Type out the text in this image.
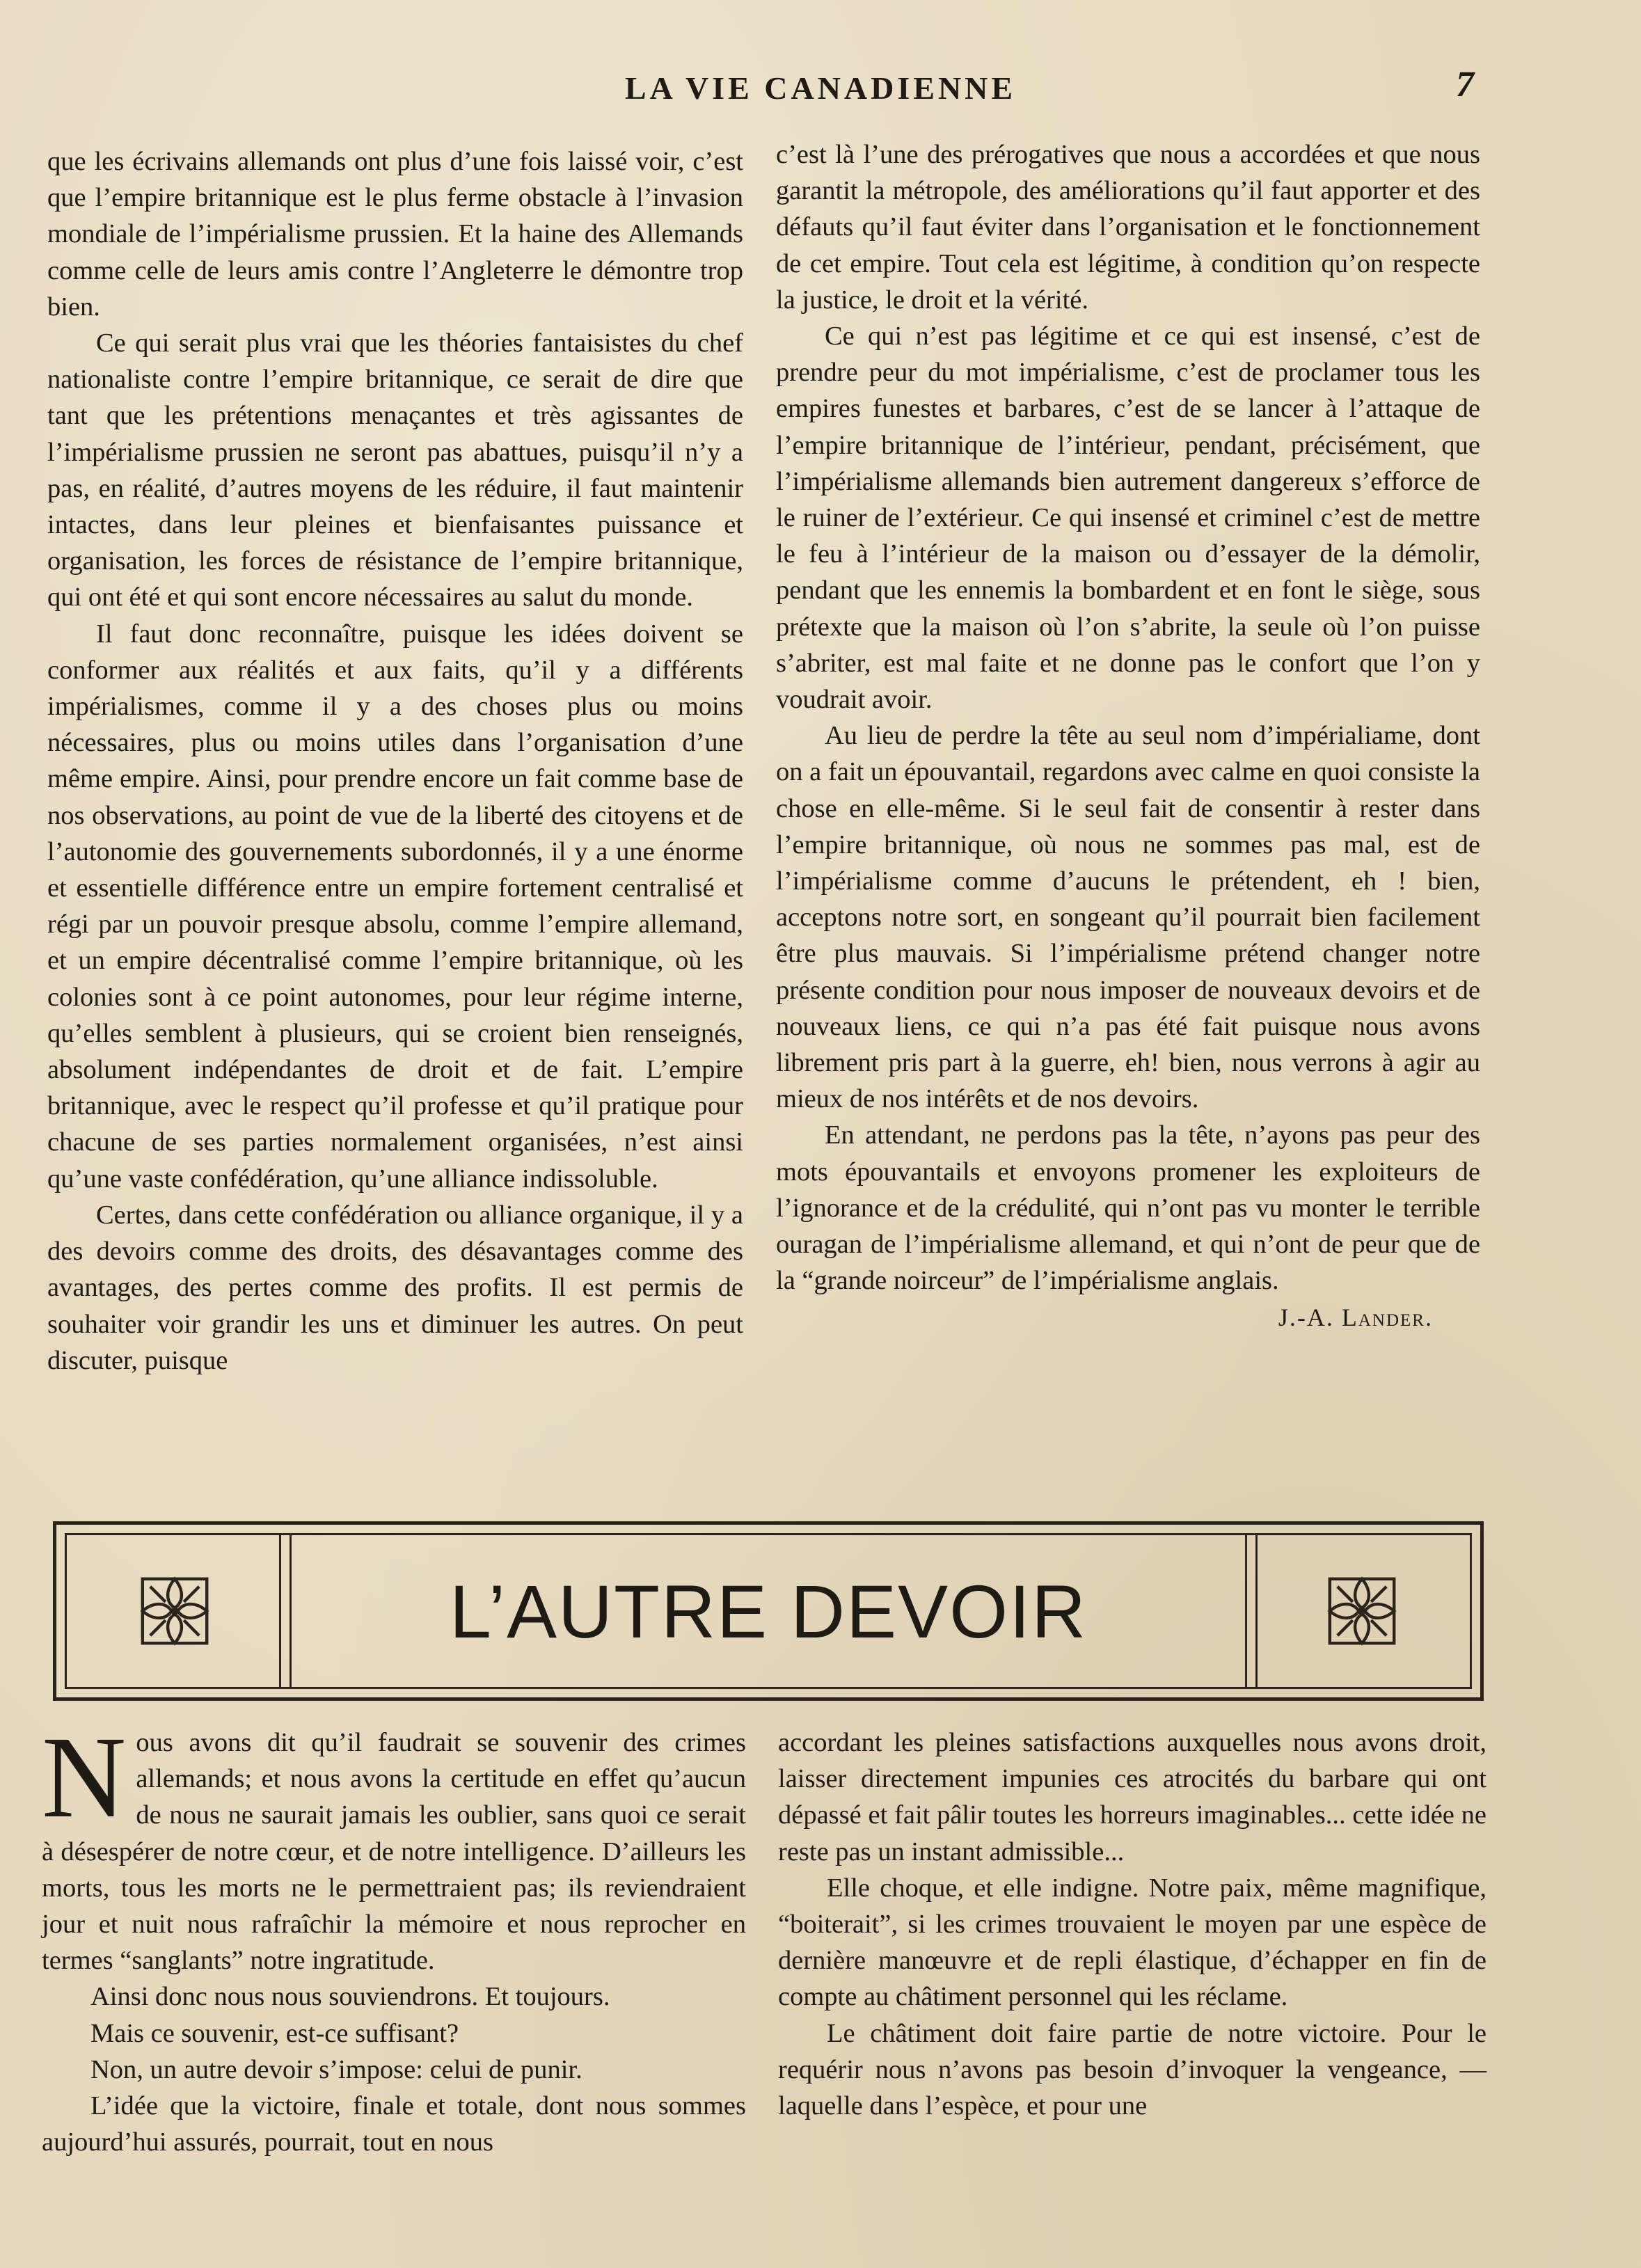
LA VIE CANADIENNE	7

que les écrivains allemands ont plus d’une fois laissé voir, c’est que l’empire britannique est le plus ferme obstacle à l’invasion mondiale de l’impérialisme prussien. Et la haine des Allemands comme celle de leurs amis contre l’Angleterre le démontre trop bien.

Ce qui serait plus vrai que les théories fantaisistes du chef nationaliste contre l’empire britannique, ce serait de dire que tant que les prétentions menaçantes et très agissantes de l’impérialisme prussien ne seront pas abattues, puisqu’il n’y a pas, en réalité, d’autres moyens de les réduire, il faut maintenir intactes, dans leur pleines et bienfaisantes puissance et organisation, les forces de résistance de l’empire britannique, qui ont été et qui sont encore nécessaires au salut du monde.

Il faut donc reconnaître, puisque les idées doivent se conformer aux réalités et aux faits, qu’il y a différents impérialismes, comme il y a des choses plus ou moins nécessaires, plus ou moins utiles dans l’organisation d’une même empire. Ainsi, pour prendre encore un fait comme base de nos observations, au point de vue de la liberté des citoyens et de l’autonomie des gouvernements subordonnés, il y a une énorme et essentielle différence entre un empire fortement centralisé et régi par un pouvoir presque absolu, comme l’empire allemand, et un empire décentralisé comme l’empire britannique, où les colonies sont à ce point autonomes, pour leur régime interne, qu’elles semblent à plusieurs, qui se croient bien renseignés, absolument indépendantes de droit et de fait. L’empire britannique, avec le respect qu’il professe et qu’il pratique pour chacune de ses parties normalement organisées, n’est ainsi qu’une vaste confédération, qu’une alliance indissoluble.

Certes, dans cette confédération ou alliance organique, il y a des devoirs comme des droits, des désavantages comme des avantages, des pertes comme des profits. Il est permis de souhaiter voir grandir les uns et diminuer les autres. On peut discuter, puisque

c’est là l’une des prérogatives que nous a accordées et que nous garantit la métropole, des améliorations qu’il faut apporter et des défauts qu’il faut éviter dans l’organisation et le fonctionnement de cet empire. Tout cela est légitime, à condition qu’on respecte la justice, le droit et la vérité.

Ce qui n’est pas légitime et ce qui est insensé, c’est de prendre peur du mot impérialisme, c’est de proclamer tous les empires funestes et barbares, c’est de se lancer à l’attaque de l’empire britannique de l’intérieur, pendant, précisément, que l’impérialisme allemands bien autrement dangereux s’efforce de le ruiner de l’extérieur. Ce qui insensé et criminel c’est de mettre le feu à l’intérieur de la maison ou d’essayer de la démolir, pendant que les ennemis la bombardent et en font le siège, sous prétexte que la maison où l’on s’abrite, la seule où l’on puisse s’abriter, est mal faite et ne donne pas le confort que l’on y voudrait avoir.

Au lieu de perdre la tête au seul nom d’impérialiame, dont on a fait un épouvantail, regardons avec calme en quoi consiste la chose en elle-même. Si le seul fait de consentir à rester dans l’empire britannique, où nous ne sommes pas mal, est de l’impérialisme comme d’aucuns le prétendent, eh ! bien, acceptons notre sort, en songeant qu’il pourrait bien facilement être plus mauvais. Si l’impérialisme prétend changer notre présente condition pour nous imposer de nouveaux devoirs et de nouveaux liens, ce qui n’a pas été fait puisque nous avons librement pris part à la guerre, eh! bien, nous verrons à agir au mieux de nos intérêts et de nos devoirs.

En attendant, ne perdons pas la tête, n’ayons pas peur des mots épouvantails et envoyons promener les exploiteurs de l’ignorance et de la crédulité, qui n’ont pas vu monter le terrible ouragan de l’impérialisme allemand, et qui n’ont de peur que de la “grande noirceur” de l’impérialisme anglais.

J.-A. Lander.
L’AUTRE DEVOIR

Nous avons dit qu’il faudrait se souvenir des crimes allemands; et nous avons la certitude en effet qu’aucun de nous ne saurait jamais les oublier, sans quoi ce serait à désespérer de notre cœur, et de notre intelligence. D’ailleurs les morts, tous les morts ne le permettraient pas; ils reviendraient jour et nuit nous rafraîchir la mémoire et nous reprocher en termes “sanglants” notre ingratitude.

Ainsi donc nous nous souviendrons. Et toujours.

Mais ce souvenir, est-ce suffisant?

Non, un autre devoir s’impose: celui de punir.

L’idée que la victoire, finale et totale, dont nous sommes aujourd’hui assurés, pourrait, tout en nous

accordant les pleines satisfactions auxquelles nous avons droit, laisser directement impunies ces atrocités du barbare qui ont dépassé et fait pâlir toutes les horreurs imaginables... cette idée ne reste pas un instant admissible...

Elle choque, et elle indigne. Notre paix, même magnifique, “boiterait”, si les crimes trouvaient le moyen par une espèce de dernière manœuvre et de repli élastique, d’échapper en fin de compte au châtiment personnel qui les réclame.

Le châtiment doit faire partie de notre victoire. Pour le requérir nous n’avons pas besoin d’invoquer la vengeance, — laquelle dans l’espèce, et pour une
